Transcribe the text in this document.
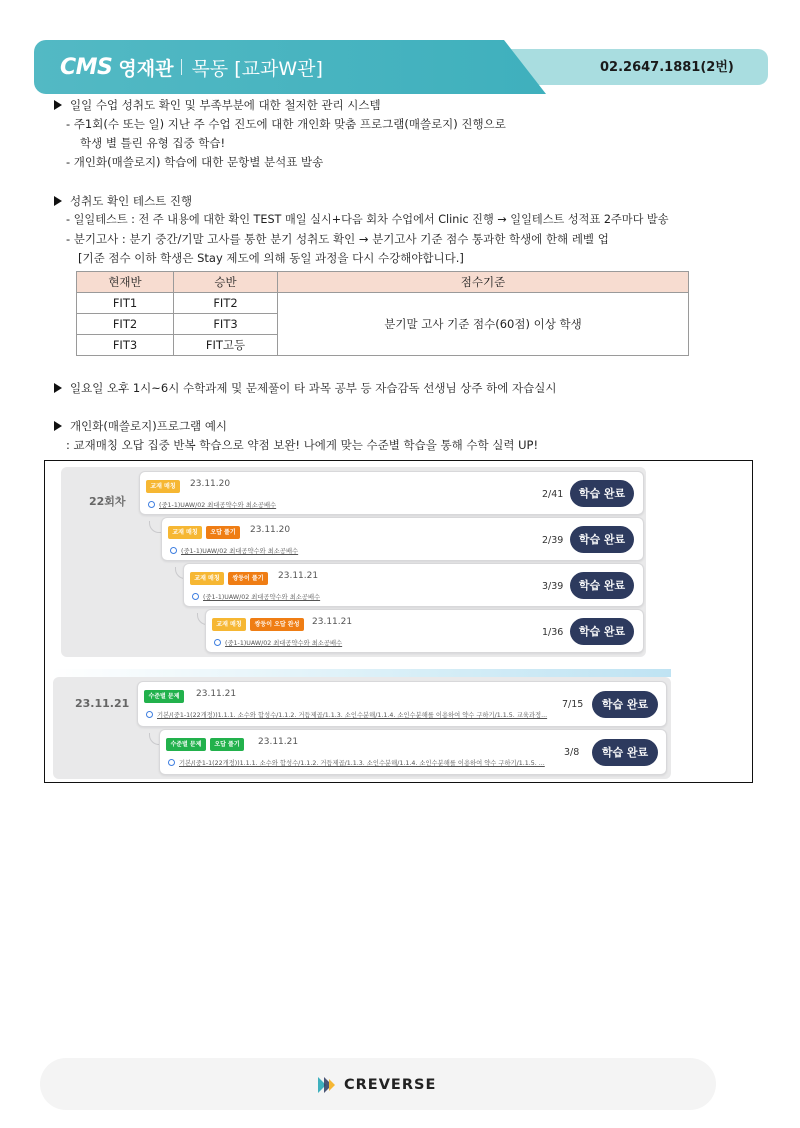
CMS 영재관 목동 [교과W관]	02.2647.1881(2번)
일일 수업 성취도 확인 및 부족부분에 대한 철저한 관리 시스템
- 주1회(수 또는 일) 지난 주 수업 진도에 대한 개인화 맞춤 프로그램(매쓸로지) 진행으로
학생 별 틀린 유형 집중 학습!
- 개인화(매쓸로지) 학습에 대한 문항별 분석표 발송
성취도 확인 테스트 진행
- 일일테스트 : 전 주 내용에 대한 확인 TEST 매일 실시+다음 회차 수업에서 Clinic 진행 → 일일테스트 성적표 2주마다 발송
- 분기고사 : 분기 중간/기말 고사를 통한 분기 성취도 확인 → 분기고사 기준 점수 통과한 학생에 한해 레벨 업
[기준 점수 이하 학생은 Stay 제도에 의해 동일 과정을 다시 수강해야합니다.]
현재반	승반	점수기준
FIT1	FIT2	분기말 고사 기준 점수(60점) 이상 학생
FIT2	FIT3	
FIT3	FIT고등	
일요일 오후 1시~6시 수학과제 및 문제풀이 타 과목 공부 등 자습감독 선생님 상주 하에 자습실시
개인화(매쓸로지)프로그램 예시
: 교재매칭 오답 집중 반복 학습으로 약점 보완! 나에게 맞는 수준별 학습을 통해 수학 실력 UP!
22회차
교재 매칭	23.11.20
(중1-1)UAW/02 최대공약수와 최소공배수
2/41	학습 완료
교재 매칭	오답 풀기	23.11.20
(중1-1)UAW/02 최대공약수와 최소공배수
2/39	학습 완료
교재 매칭	쌍둥이 풀기	23.11.21
(중1-1)UAW/02 최대공약수와 최소공배수
3/39	학습 완료
교재 매칭	쌍둥이 오답 완성	23.11.21
(중1-1)UAW/02 최대공약수와 최소공배수
1/36	학습 완료
23.11.21
수준별 문제	23.11.21
기본/(중1-1(22개정))1.1.1. 소수와 합성수/1.1.2. 거듭제곱/1.1.3. 소인수분해/1.1.4. 소인수분해를 이용하여 약수 구하기/1.1.5. 교육과정...
7/15	학습 완료
수준별 문제	오답 풀기	23.11.21
기본/(중1-1(22개정))1.1.1. 소수와 합성수/1.1.2. 거듭제곱/1.1.3. 소인수분해/1.1.4. 소인수분해를 이용하여 약수 구하기/1.1.5. ...
3/8	학습 완료
CREVERSE
